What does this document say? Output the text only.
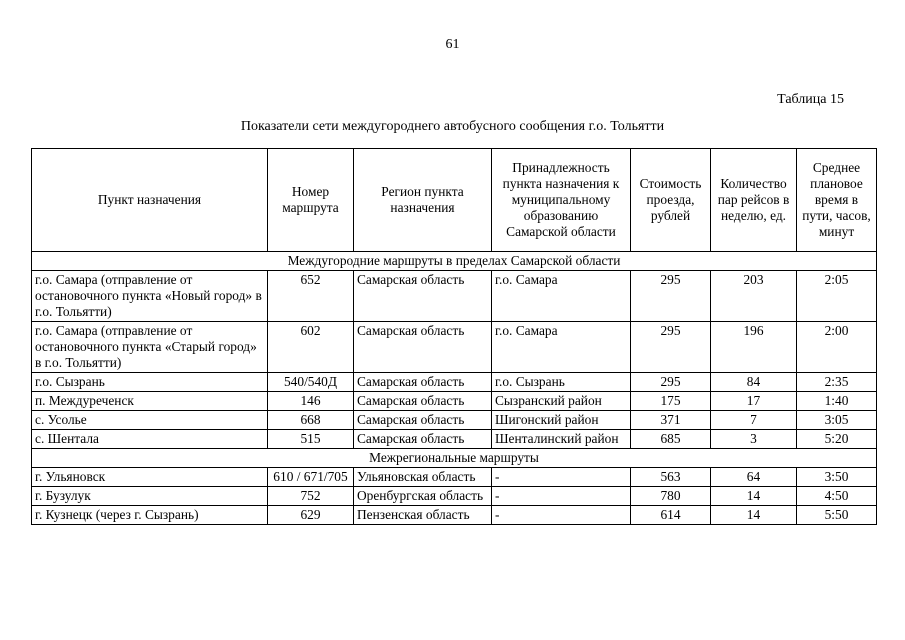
61
Таблица 15
Показатели сети междугороднего автобусного сообщения г.о. Тольятти
Пункт назначения	Номер маршрута	Регион пункта назначения	Принадлежность пункта назначения к муниципальному образованию Самарской области	Стоимость проезда, рублей	Количество пар рейсов в неделю, ед.	Среднее плановое время в пути, часов, минут
Междугородние маршруты в пределах Самарской области						
г.о. Самара (отправление от остановочного пункта «Новый город» в г.о. Тольятти)	652	Самарская область	г.о. Самара	295	203	2:05
г.о. Самара (отправление от остановочного пункта «Старый город» в г.о. Тольятти)	602	Самарская область	г.о. Самара	295	196	2:00
г.о. Сызрань	540/540Д	Самарская область	г.о. Сызрань	295	84	2:35
п. Междуреченск	146	Самарская область	Сызранский район	175	17	1:40
с. Усолье	668	Самарская область	Шигонский район	371	7	3:05
с. Шентала	515	Самарская область	Шенталинский район	685	3	5:20
Межрегиональные маршруты						
г. Ульяновск	610 / 671/705	Ульяновская область	-	563	64	3:50
г. Бузулук	752	Оренбургская область	-	780	14	4:50
г. Кузнецк (через г. Сызрань)	629	Пензенская область	-	614	14	5:50
